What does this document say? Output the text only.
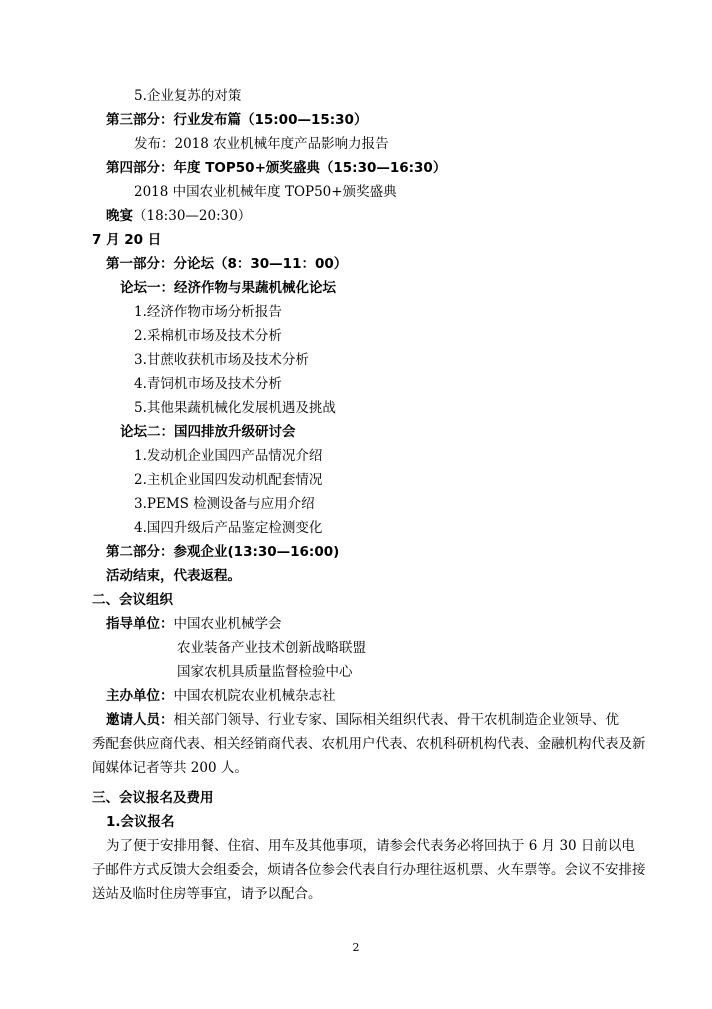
5.企业复苏的对策
第三部分：行业发布篇（15:00—15:30）
发布：2018 农业机械年度产品影响力报告
第四部分：年度 TOP50+颁奖盛典（15:30—16:30）
2018 中国农业机械年度 TOP50+颁奖盛典
晚宴（18:30—20:30）
7 月 20 日
第一部分：分论坛（8：30—11：00）
论坛一：经济作物与果蔬机械化论坛
1.经济作物市场分析报告
2.采棉机市场及技术分析
3.甘蔗收获机市场及技术分析
4.青饲机市场及技术分析
5.其他果蔬机械化发展机遇及挑战
论坛二：国四排放升级研讨会
1.发动机企业国四产品情况介绍
2.主机企业国四发动机配套情况
3.PEMS 检测设备与应用介绍
4.国四升级后产品鉴定检测变化
第二部分：参观企业(13:30—16:00)
活动结束，代表返程。
二、会议组织
指导单位：中国农业机械学会
农业装备产业技术创新战略联盟
国家农机具质量监督检验中心
主办单位：中国农机院农业机械杂志社
邀请人员：相关部门领导、行业专家、国际相关组织代表、骨干农机制造企业领导、优
秀配套供应商代表、相关经销商代表、农机用户代表、农机科研机构代表、金融机构代表及新
闻媒体记者等共 200 人。
三、会议报名及费用
1.会议报名
为了便于安排用餐、住宿、用车及其他事项，请参会代表务必将回执于 6 月 30 日前以电
子邮件方式反馈大会组委会，烦请各位参会代表自行办理往返机票、火车票等。会议不安排接
送站及临时住房等事宜，请予以配合。
2
